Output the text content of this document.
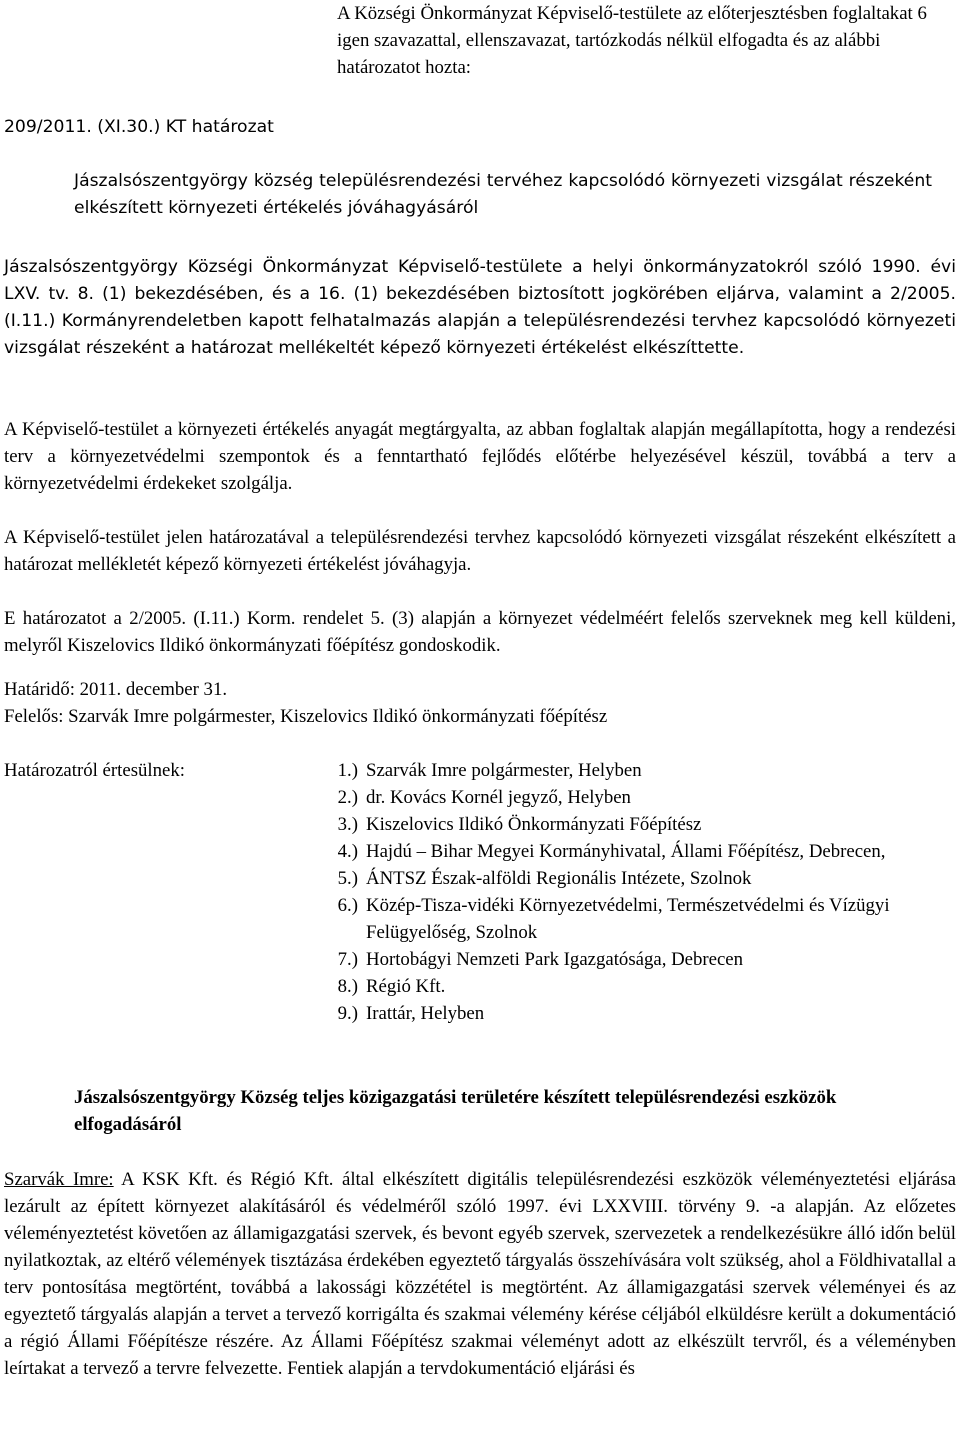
A Községi Önkormányzat Képviselő-testülete az előterjesztésben foglaltakat 6 igen szavazattal, ellenszavazat, tartózkodás nélkül elfogadta és az alábbi határozatot hozta:

209/2011. (XI.30.) KT határozat

Jászalsószentgyörgy község településrendezési tervéhez kapcsolódó környezeti vizsgálat részeként elkészített környezeti értékelés jóváhagyásáról

Jászalsószentgyörgy Községi Önkormányzat Képviselő-testülete a helyi önkormányzatokról szóló 1990. évi LXV. tv. 8. (1) bekezdésében, és a 16. (1) bekezdésében biztosított jogkörében eljárva, valamint a 2/2005. (I.11.) Kormányrendeletben kapott felhatalmazás alapján a településrendezési tervhez kapcsolódó környezeti vizsgálat részeként a határozat mellékeltét képező környezeti értékelést elkészíttette.

A Képviselő-testület a környezeti értékelés anyagát megtárgyalta, az abban foglaltak alapján megállapította, hogy a rendezési terv a környezetvédelmi szempontok és a fenntartható fejlődés előtérbe helyezésével készül, továbbá a terv a környezetvédelmi érdekeket szolgálja.

A Képviselő-testület jelen határozatával a településrendezési tervhez kapcsolódó környezeti vizsgálat részeként elkészített a határozat mellékletét képező környezeti értékelést jóváhagyja.

E határozatot a 2/2005. (I.11.) Korm. rendelet 5. (3) alapján a környezet védelméért felelős szerveknek meg kell küldeni, melyről Kiszelovics Ildikó önkormányzati főépítész gondoskodik.

Határidő: 2011. december 31.

Felelős: Szarvák Imre polgármester, Kiszelovics Ildikó önkormányzati főépítész

Határozatról értesülnek:	1.) Szarvák Imre polgármester, Helyben
2.) dr. Kovács Kornél jegyző, Helyben
3.) Kiszelovics Ildikó Önkormányzati Főépítész
4.) Hajdú – Bihar Megyei Kormányhivatal, Állami Főépítész, Debrecen,
5.) ÁNTSZ Észak-alföldi Regionális Intézete, Szolnok
6.) Közép-Tisza-vidéki Környezetvédelmi, Természetvédelmi és Vízügyi Felügyelőség, Szolnok
7.) Hortobágyi Nemzeti Park Igazgatósága, Debrecen
8.) Régió Kft.
9.) Irattár, Helyben

Jászalsószentgyörgy Község teljes közigazgatási területére készített településrendezési eszközök elfogadásáról

Szarvák Imre: A KSK Kft. és Régió Kft. által elkészített digitális településrendezési eszközök véleményeztetési eljárása lezárult az épített környezet alakításáról és védelméről szóló 1997. évi LXXVIII. törvény 9. -a alapján. Az előzetes véleményeztetést követően az államigazgatási szervek, és bevont egyéb szervek, szervezetek a rendelkezésükre álló időn belül nyilatkoztak, az eltérő vélemények tisztázása érdekében egyeztető tárgyalás összehívására volt szükség, ahol a Földhivatallal a terv pontosítása megtörtént, továbbá a lakossági közzététel is megtörtént. Az államigazgatási szervek véleményei és az egyeztető tárgyalás alapján a tervet a tervező korrigálta és szakmai vélemény kérése céljából elküldésre került a dokumentáció a régió Állami Főépítésze részére. Az Állami Főépítész szakmai véleményt adott az elkészült tervről, és a véleményben leírtakat a tervező a tervre felvezette. Fentiek alapján a tervdokumentáció eljárási és
